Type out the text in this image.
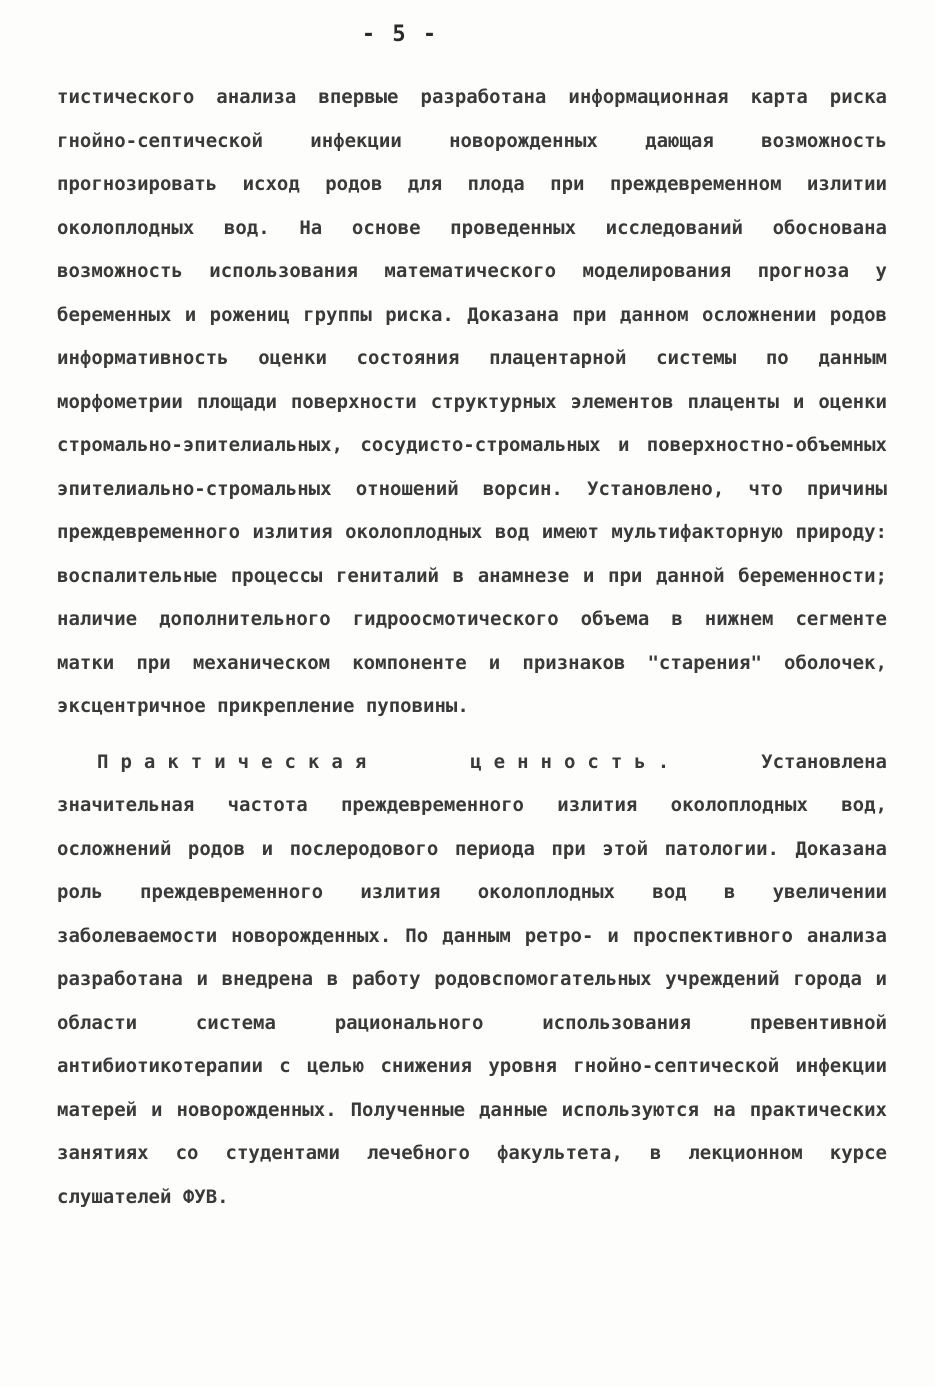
- 5 -

тистического анализа впервые разработана информационная карта риска гнойно-септической инфекции новорожденных дающая возможность прогнозировать исход родов для плода при преждевременном излитии околоплодных вод. На основе проведенных исследований обоснована возможность использования математического моделирования прогноза у беременных и рожениц группы риска. Доказана при данном осложнении родов информативность оценки состояния плацентарной системы по данным морфометрии площади поверхности структурных элементов плаценты и оценки стромально-эпителиальных, сосудисто-стромальных и поверхностно-объемных эпителиально-стромальных отношений ворсин. Установлено, что причины преждевременного излития околоплодных вод имеют мультифакторную природу: воспалительные процессы гениталий в анамнезе и при данной беременности; наличие дополнительного гидроосмотического объема в нижнем сегменте матки при механическом компоненте и признаков "старения" оболочек, эксцентричное прикрепление пуповины.

Практическая ценность.	Установлена значительная частота преждевременного излития околоплодных вод, осложнений родов и послеродового периода при этой патологии. Доказана роль преждевременного излития околоплодных вод в увеличении заболеваемости новорожденных. По данным ретро- и проспективного анализа разработана и внедрена в работу родовспомогательных учреждений города и области система рационального использования превентивной антибиотикотерапии с целью снижения уровня гнойно-септической инфекции матерей и новорожденных. Полученные данные используются на практических занятиях со студентами лечебного факультета, в лекционном курсе слушателей ФУВ.
